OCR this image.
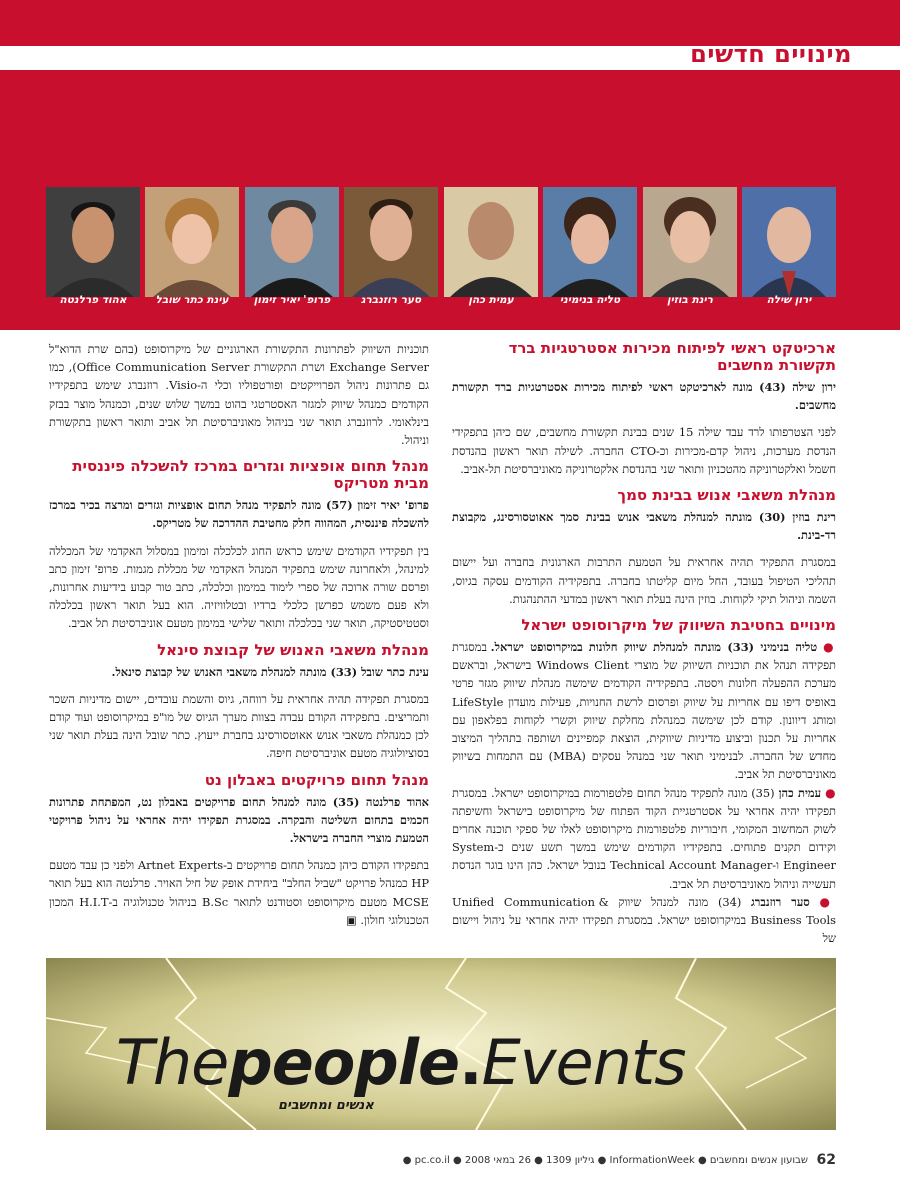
מינויים חדשים
ירון שילה
רינת בוזין
טליה בנימיני
עמית כהן
סער רוזנברג
פרופ' יאיר זימון
עינת כתר שובל
אהוד פרלנטה
ארכיטקט ראשי לפיתוח מכירות אסטרטגיות ברד תקשורת מחשבים

ירון שילה (43) מונה לארכיטקט ראשי לפיתוח מכירות אסטרטגיות ברד תקשורת מחשבים.

לפני הצטרפותו לרד עבד שילה 15 שנים בבינת תקשורת מחשבים, שם כיהן בתפקידי הנדסת מערכות, ניהול קדם-מכירות וכ-CTO החברה. לשילה תואר ראשון בהנדסת חשמל ואלקטרוניקה מהטכניון ותואר שני בהנדסת אלקטרוניקה מאוניברסיטת תל-אביב.

מנהלת משאבי אנוש בבינת סמך

רינת בוזין (30) מונתה למנהלת משאבי אנוש בבינת סמך אאוטסורסינג, מקבוצת רד-בינת.

במסגרת התפקיד תהיה אחראית על הטמעת התרבות הארגונית בחברה ועל יישום תהליכי הטיפול בעובד, החל מיום קליטתו בחברה. בתפקידיה הקודמים עסקה בגיוס, השמה וניהול תיקי לקוחות. בוזין הינה בעלת תואר ראשון במדעי ההתנהגות.

מינויים בחטיבת השיווק של מיקרוסופט ישראל

● טליה בנימיני (33) מונתה למנהלת שיווק חלונות במיקרוסופט ישראל. במסגרת תפקידה תנהל את תוכניות השיווק של מוצרי Windows Client בישראל, ובראשם מערכת ההפעלה חלונות ויסטה. בתפקידיה הקודמים שימשה מנהלת שיווק מגזר פרטי באופיס דיפו עם אחריות על שיווק ופרסום לרשת החנויות, פעילות מועדון LifeStyle ומותג דיוונון. קודם לכן שימשה כמנהלת מחלקת שיווק וקשרי לקוחות בפלאפון עם אחריות על תכנון וביצוע מדיניות שיווקית, הוצאת קמפיינים ושותפה בתהליך המיצוב מחדש של החברה. לבנימיני תואר שני במנהל עסקים (MBA) עם התמחות בשיווק מאוניברסיטת תל אביב.
● עמית כהן (35) מונה לתפקיד מנהל תחום פלטפורמות במיקרוסופט ישראל. במסגרת תפקידו יהיה אחראי על אסטרטגיית הקוד הפתוח של מיקרוסופט בישראל וחשיפתה לשוק המחשוב המקומי, חיבוריות פלטפורמות מיקרוסופט לאלו של ספקי תוכנה אחרים וקידום תקנים פתוחים. בתפקידיו הקודמים שימש במשך תשע שנים כ-System Engineer ו-Technical Account Manager בנובל ישראל. כהן הינו בוגר הנדסת תעשייה וניהול מאוניברסיטת תל אביב.
● סער רוזנברג (34) מונה למנהל שיווק Unified Communication & Business Tools במיקרוסופט ישראל. במסגרת תפקידו יהיה אחראי על ניהול ויישום של

תוכניות השיווק לפתרונות התקשורת הארגוניים של מיקרוסופט (בהם שרת הדוא"ל Exchange Server ושרת התקשורת Office Communication Server), כמו גם פתרונות ניהול הפרוייקטים ופורטפוליו וכלי ה-Visio. רוזנברג שימש בתפקידיו הקודמים כמנהל שיווק למגזר האסטרטגי בהוט במשך שלוש שנים, וכמנהל מוצר בבזק בינלאומי. לרוזנברג תואר שני בניהול מאוניברסיטת תל אביב ותואר ראשון בתקשורת וניהול.

מנהל תחום אופציות וגזרים במרכז להשכלה פיננסית מבית מטריקס

פרופ' יאיר זימון (57) מונה לתפקיד מנהל תחום אופציות וגזרים ומרצה בכיר במרכז להשכלה פיננסית, המהווה חלק מחטיבת ההדרכה של מטריקס.

בין תפקידיו הקודמים שימש כראש החוג לכלכלה ומימון במסלול האקדמי של המכללה למינהל, ולאחרונה שימש בתפקיד המנהל האקדמי של מכללת מגמות. פרופ' זימון כתב ופרסם שורה ארוכה של ספרי לימוד במימון וכלכלה, כתב טור קבוע בידיעות אחרונות, ולא פעם משמש כפרשן כלכלי ברדיו ובטלוויזיה. הוא בעל תואר ראשון בכלכלה וסטטיסטיקה, תואר שני בכלכלה ותואר שלישי במימון מטעם אוניברסיטת תל אביב.

מנהלת משאבי האנוש של קבוצת סינאל

עינת כתר שובל (33) מונתה למנהלת משאבי האנוש של קבוצת סינאל.

במסגרת תפקידה תהיה אחראית על רווחה, גיוס והשמת עובדים, יישום מדיניות השכר ותמריצים. בתפקידה הקודם עבדה בצוות מערך הגיוס של מו"פ במיקרוסופט ועוד קודם לכן כמנהלת משאבי אנוש אאוטסורסינג בחברת ייעוץ. כתר שובל הינה בעלת תואר שני בסוציולוגיה מטעם אוניברסיטת חיפה.

מנהל תחום פרויקטים באבלון נט

אהוד פרלנטה (35) מונה למנהל תחום פרויקטים באבלון נט, המפתחת פתרונות חכמים בתחום השליטה והבקרה. במסגרת תפקידו יהיה אחראי על ניהול פרויקטי הטמעת מוצרי החברה בישראל.

בתפקידו הקודם כיהן כמנהל תחום פרויקטים ב-Artnet Experts ולפני כן עבד מטעם HP כמנהל פרויקט "שביל החלב" ביחידת אופק של חיל האויר. פרלנטה הוא בעל תואר MCSE מטעם מיקרוסופט וסטודנט לתואר B.Sc בניהול טכנולוגיה ב-H.I.T המכון הטכנולוגי חולון. ▣

Thepeople.Events
אנשים ומחשבים
62
שבועון אנשים ומחשבים ● InformationWeek ● גיליון 1309 ● 26 במאי 2008 ● pc.co.il ●
